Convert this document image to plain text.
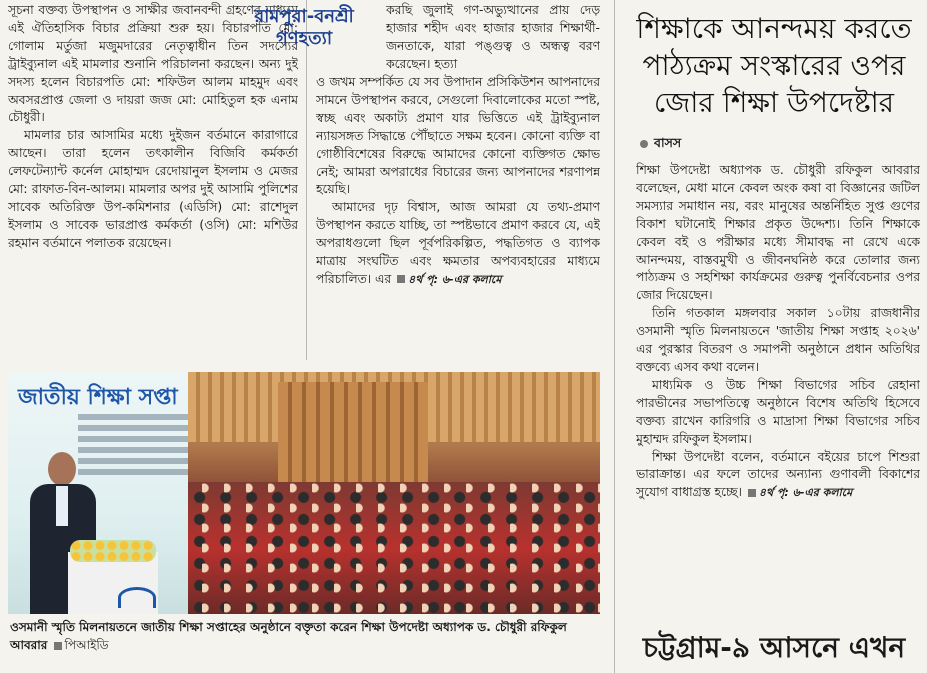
সূচনা বক্তব্য উপস্থাপন ও সাক্ষীর জবানবন্দী গ্রহণের মাধ্যমে এই ঐতিহাসিক বিচার প্রক্রিয়া শুরু হয়। বিচারপতি মো: গোলাম মর্তুজা মজুমদারের নেতৃত্বাধীন তিন সদস্যের ট্রাইব্যুনাল এই মামলার শুনানি পরিচালনা করছেন। অন্য দুই সদস্য হলেন বিচারপতি মো: শফিউল আলম মাহমুদ এবং অবসরপ্রাপ্ত জেলা ও দায়রা জজ মো: মোহিতুল হক এনাম চৌধুরী।

মামলার চার আসামির মধ্যে দুইজন বর্তমানে কারাগারে আছেন। তারা হলেন তৎকালীন বিজিবি কর্মকর্তা লেফটেন্যান্ট কর্নেল মোহাম্মদ রেদোয়ানুল ইসলাম ও মেজর মো: রাফাত-বিন-আলম। মামলার অপর দুই আসামি পুলিশের সাবেক অতিরিক্ত উপ-কমিশনার (এডিসি) মো: রাশেদুল ইসলাম ও সাবেক ভারপ্রাপ্ত কর্মকর্তা (ওসি) মো: মশিউর রহমান বর্তমানে পলাতক রয়েছেন।

রামপুরা-বনশ্রী গণহত্যা

করছি জুলাই গণ-অভ্যুত্থানের প্রায় দেড় হাজার শহীদ এবং হাজার হাজার শিক্ষার্থী-জনতাকে, যারা পঙ্গুত্ব ও অন্ধত্ব বরণ করেছেন। হত্যা

ও জখম সম্পর্কিত যে সব উপাদান প্রসিকিউশন আপনাদের সামনে উপস্থাপন করবে, সেগুলো দিবালোকের মতো স্পষ্ট, স্বচ্ছ এবং অকাট্য প্রমাণ যার ভিত্তিতে এই ট্রাইব্যুনাল ন্যায়সঙ্গত সিদ্ধান্তে পৌঁছাতে সক্ষম হবেন। কোনো ব্যক্তি বা গোষ্ঠীবিশেষের বিরুদ্ধে আমাদের কোনো ব্যক্তিগত ক্ষোভ নেই; আমরা অপরাধের বিচারের জন্য আপনাদের শরণাপন্ন হয়েছি।

আমাদের দৃঢ় বিশ্বাস, আজ আমরা যে তথ্য-প্রমাণ উপস্থাপন করতে যাচ্ছি, তা স্পষ্টভাবে প্রমাণ করবে যে, এই অপরাধগুলো ছিল পূর্বপরিকল্পিত, পদ্ধতিগত ও ব্যাপক মাত্রায় সংঘটিত এবং ক্ষমতার অপব্যবহারের মাধ্যমে পরিচালিত। এর ৪র্থ পৃ: ৬-এর কলামে

জাতীয় শিক্ষা সপ্তা
ওসমানী স্মৃতি মিলনায়তনে জাতীয় শিক্ষা সপ্তাহের অনুষ্ঠানে বক্তৃতা করেন শিক্ষা উপদেষ্টা অধ্যাপক ড. চৌধুরী রফিকুল আবরার পিআইডি
শিক্ষাকে আনন্দময় করতে
পাঠ্যক্রম সংস্কারের ওপর
জোর শিক্ষা উপদেষ্টার
বাসস

শিক্ষা উপদেষ্টা অধ্যাপক ড. চৌধুরী রফিকুল আবরার বলেছেন, মেধা মানে কেবল অংক কষা বা বিজ্ঞানের জটিল সমস্যার সমাধান নয়, বরং মানুষের অন্তর্নিহিত সুপ্ত গুণের বিকাশ ঘটানোই শিক্ষার প্রকৃত উদ্দেশ্য। তিনি শিক্ষাকে কেবল বই ও পরীক্ষার মধ্যে সীমাবদ্ধ না রেখে একে আনন্দময়, বাস্তবমুখী ও জীবনঘনিষ্ঠ করে তোলার জন্য পাঠ্যক্রম ও সহশিক্ষা কার্যক্রমের গুরুত্ব পুনর্বিবেচনার ওপর জোর দিয়েছেন।

তিনি গতকাল মঙ্গলবার সকাল ১০টায় রাজধানীর ওসমানী স্মৃতি মিলনায়তনে 'জাতীয় শিক্ষা সপ্তাহ ২০২৬' এর পুরস্কার বিতরণ ও সমাপনী অনুষ্ঠানে প্রধান অতিথির বক্তব্যে এসব কথা বলেন।

মাধ্যমিক ও উচ্চ শিক্ষা বিভাগের সচিব রেহানা পারভীনের সভাপতিত্বে অনুষ্ঠানে বিশেষ অতিথি হিসেবে বক্তব্য রাখেন কারিগরি ও মাদ্রাসা শিক্ষা বিভাগের সচিব মুহাম্মদ রফিকুল ইসলাম।

শিক্ষা উপদেষ্টা বলেন, বর্তমানে বইয়ের চাপে শিশুরা ভারাক্রান্ত। এর ফলে তাদের অন্যান্য গুণাবলী বিকাশের সুযোগ বাধাগ্রস্ত হচ্ছে। ৪র্থ পৃ: ৬-এর কলামে

চট্টগ্রাম-৯ আসনে এখন
